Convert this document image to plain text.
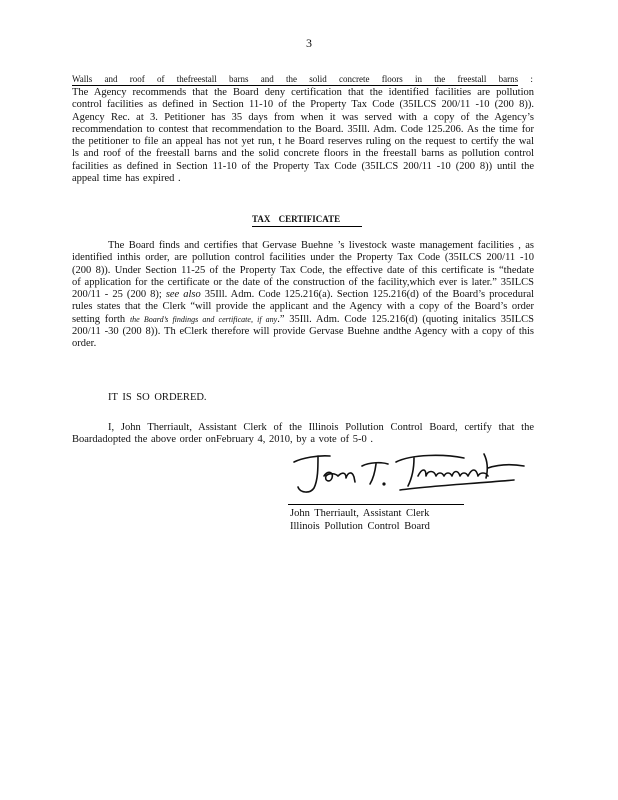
3
Walls and roof of thefreestall barns and the solid concrete floors in the freestall barns :
The Agency recommends that the Board deny certification that the identified facilities are pollution control facilities as defined in Section 11-10 of the Property Tax Code (35ILCS 200/11 -10 (200 8)). Agency Rec. at 3. Petitioner has 35 days from when it was served with a copy of the Agency’s recommendation to contest that recommendation to the Board. 35Ill. Adm. Code 125.206. As the time for the petitioner to file an appeal has not yet run, t he Board reserves ruling on the request to certify the wal ls and roof of the freestall barns and the solid concrete floors in the freestall barns as pollution control facilities as defined in Section 11-10 of the Property Tax Code (35ILCS 200/11 -10 (200 8)) until the appeal time has expired .
TAX CERTIFICATE
The Board finds and certifies that Gervase Buehne ’s livestock waste management facilities , as identified inthis order, are pollution control facilities under the Property Tax Code (35ILCS 200/11 -10 (200 8)). Under Section 11-25 of the Property Tax Code, the effective date of this certificate is “thedate of application for the certificate or the date of the construction of the facility,which ever is later.” 35ILCS 200/11 - 25 (200 8); see also 35Ill. Adm. Code 125.216(a). Section 125.216(d) of the Board’s procedural rules states that the Clerk “will provide the applicant and the Agency with a copy of the Board’s order setting forth the Board’s findings and certificate, if any.” 35Ill. Adm. Code 125.216(d) (quoting initalics 35ILCS 200/11 -30 (200 8)). Th eClerk therefore will provide Gervase Buehne andthe Agency with a copy of this order.
IT IS SO ORDERED.
I, John Therriault, Assistant Clerk of the Illinois Pollution Control Board, certify that the Boardadopted the above order onFebruary 4, 2010, by a vote of 5-0 .
John Therriault, Assistant Clerk
Illinois Pollution Control Board
